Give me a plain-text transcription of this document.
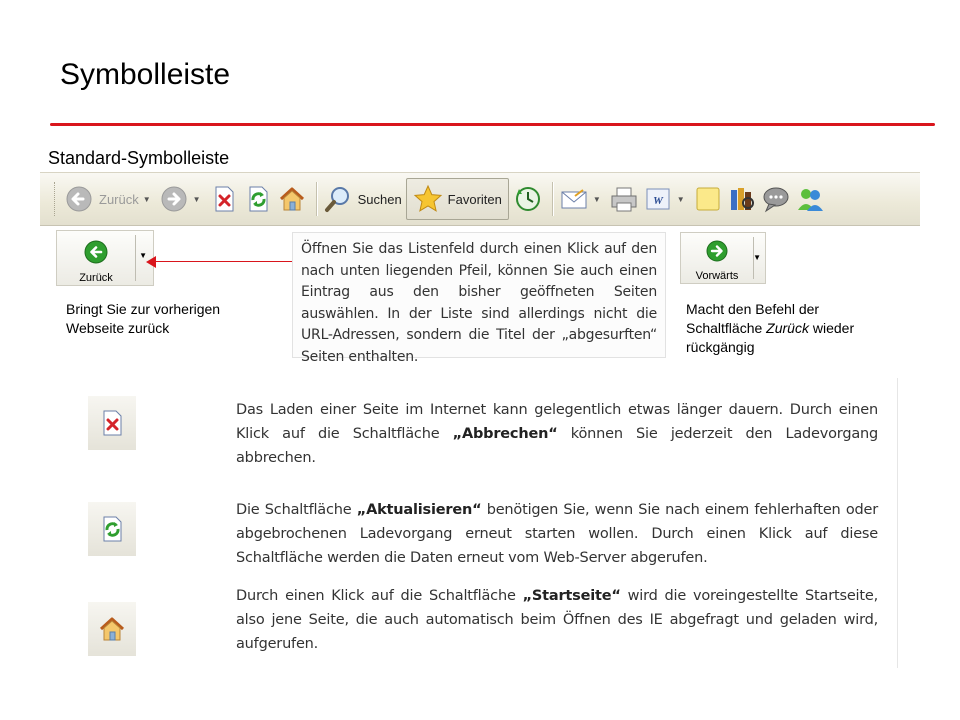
Symbolleiste
Standard-Symbolleiste
Zurück ▼	▼	Suchen	Favoriten	▼	W ▼
Zurück
▼
Bringt Sie zur vorherigen Webseite zurück

Öffnen Sie das Listenfeld durch einen Klick auf den nach unten liegenden Pfeil, können Sie auch einen Eintrag aus den bisher geöffneten Seiten auswählen. In der Liste sind allerdings nicht die URL-Adressen, sondern die Titel der „abgesurften“ Seiten enthalten.

Vorwärts
▼
Macht den Befehl der Schaltfläche Zurück wieder rückgängig
Das Laden einer Seite im Internet kann gelegentlich etwas länger dauern. Durch einen Klick auf die Schaltfläche „Abbrechen“ können Sie jederzeit den Ladevorgang abbrechen.
Die Schaltfläche „Aktualisieren“ benötigen Sie, wenn Sie nach einem fehlerhaften oder abgebrochenen Ladevorgang erneut starten wollen. Durch einen Klick auf diese Schaltfläche werden die Daten erneut vom Web-Server abgerufen.
Durch einen Klick auf die Schaltfläche „Startseite“ wird die voreingestellte Startseite, also jene Seite, die auch automatisch beim Öffnen des IE abgefragt und geladen wird, aufgerufen.
